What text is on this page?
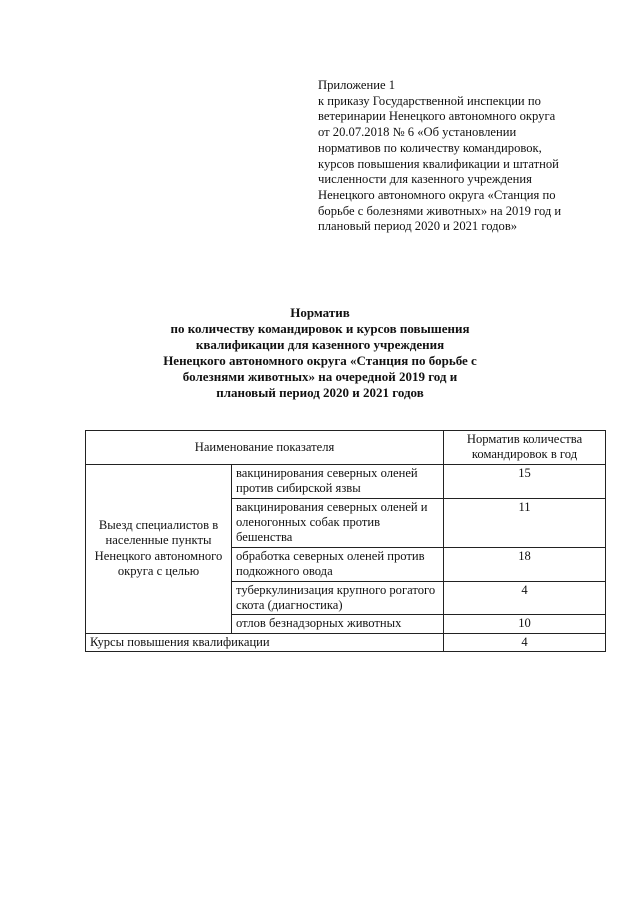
Приложение 1
к приказу Государственной инспекции по
ветеринарии Ненецкого автономного округа
от 20.07.2018 № 6 «Об установлении
нормативов по количеству командировок,
курсов повышения квалификации и штатной
численности для казенного учреждения
Ненецкого автономного округа «Станция по
борьбе с болезнями животных» на 2019 год и
плановый период 2020 и 2021 годов»
Норматив
по количеству командировок и курсов повышения
квалификации для казенного учреждения
Ненецкого автономного округа «Станция по борьбе с
болезнями животных» на очередной 2019 год и
плановый период 2020 и 2021 годов
Наименование показателя		Норматив количества командировок в год
Выезд специалистов в населенные пункты Ненецкого автономного округа с целью	вакцинирования северных оленей против сибирской язвы	15
	вакцинирования северных оленей и оленогонных собак против бешенства	11
	обработка северных оленей против подкожного овода	18
	туберкулинизация крупного рогатого скота (диагностика)	4
	отлов безнадзорных животных	10
Курсы повышения квалификации		4
